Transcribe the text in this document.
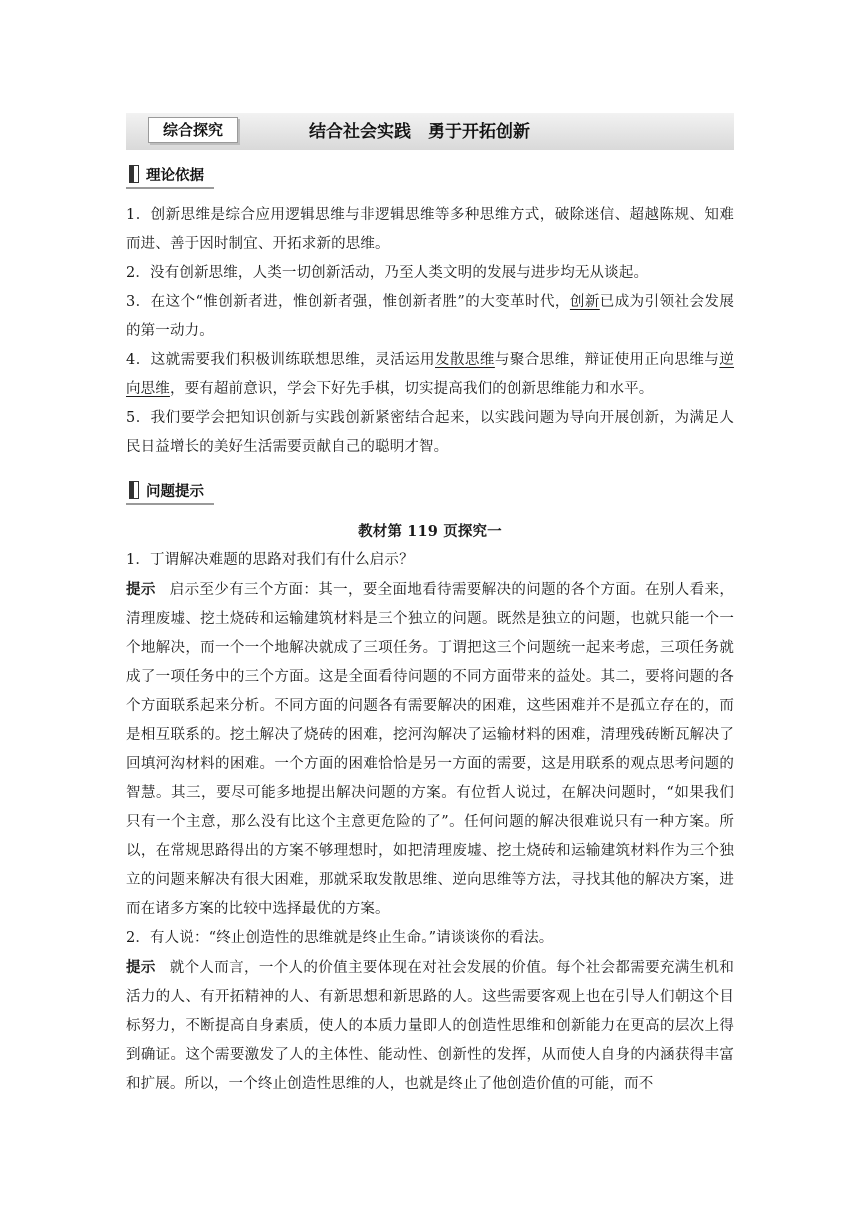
综合探究	结合社会实践　勇于开拓创新
理论依据

1．创新思维是综合应用逻辑思维与非逻辑思维等多种思维方式，破除迷信、超越陈规、知难而进、善于因时制宜、开拓求新的思维。

2．没有创新思维，人类一切创新活动，乃至人类文明的发展与进步均无从谈起。

3．在这个“惟创新者进，惟创新者强，惟创新者胜”的大变革时代，创新已成为引领社会发展的第一动力。

4．这就需要我们积极训练联想思维，灵活运用发散思维与聚合思维，辩证使用正向思维与逆向思维，要有超前意识，学会下好先手棋，切实提高我们的创新思维能力和水平。

5．我们要学会把知识创新与实践创新紧密结合起来，以实践问题为导向开展创新，为满足人民日益增长的美好生活需要贡献自己的聪明才智。

问题提示

教材第 119 页探究一

1．丁谓解决难题的思路对我们有什么启示？

提示 启示至少有三个方面：其一，要全面地看待需要解决的问题的各个方面。在别人看来，清理废墟、挖土烧砖和运输建筑材料是三个独立的问题。既然是独立的问题，也就只能一个一个地解决，而一个一个地解决就成了三项任务。丁谓把这三个问题统一起来考虑，三项任务就成了一项任务中的三个方面。这是全面看待问题的不同方面带来的益处。其二，要将问题的各个方面联系起来分析。不同方面的问题各有需要解决的困难，这些困难并不是孤立存在的，而是相互联系的。挖土解决了烧砖的困难，挖河沟解决了运输材料的困难，清理残砖断瓦解决了回填河沟材料的困难。一个方面的困难恰恰是另一方面的需要，这是用联系的观点思考问题的智慧。其三，要尽可能多地提出解决问题的方案。有位哲人说过，在解决问题时，“如果我们只有一个主意，那么没有比这个主意更危险的了”。任何问题的解决很难说只有一种方案。所以，在常规思路得出的方案不够理想时，如把清理废墟、挖土烧砖和运输建筑材料作为三个独立的问题来解决有很大困难，那就采取发散思维、逆向思维等方法，寻找其他的解决方案，进而在诸多方案的比较中选择最优的方案。

2．有人说：“终止创造性的思维就是终止生命。”请谈谈你的看法。

提示 就个人而言，一个人的价值主要体现在对社会发展的价值。每个社会都需要充满生机和活力的人、有开拓精神的人、有新思想和新思路的人。这些需要客观上也在引导人们朝这个目标努力，不断提高自身素质，使人的本质力量即人的创造性思维和创新能力在更高的层次上得到确证。这个需要激发了人的主体性、能动性、创新性的发挥，从而使人自身的内涵获得丰富和扩展。所以，一个终止创造性思维的人，也就是终止了他创造价值的可能，而不
